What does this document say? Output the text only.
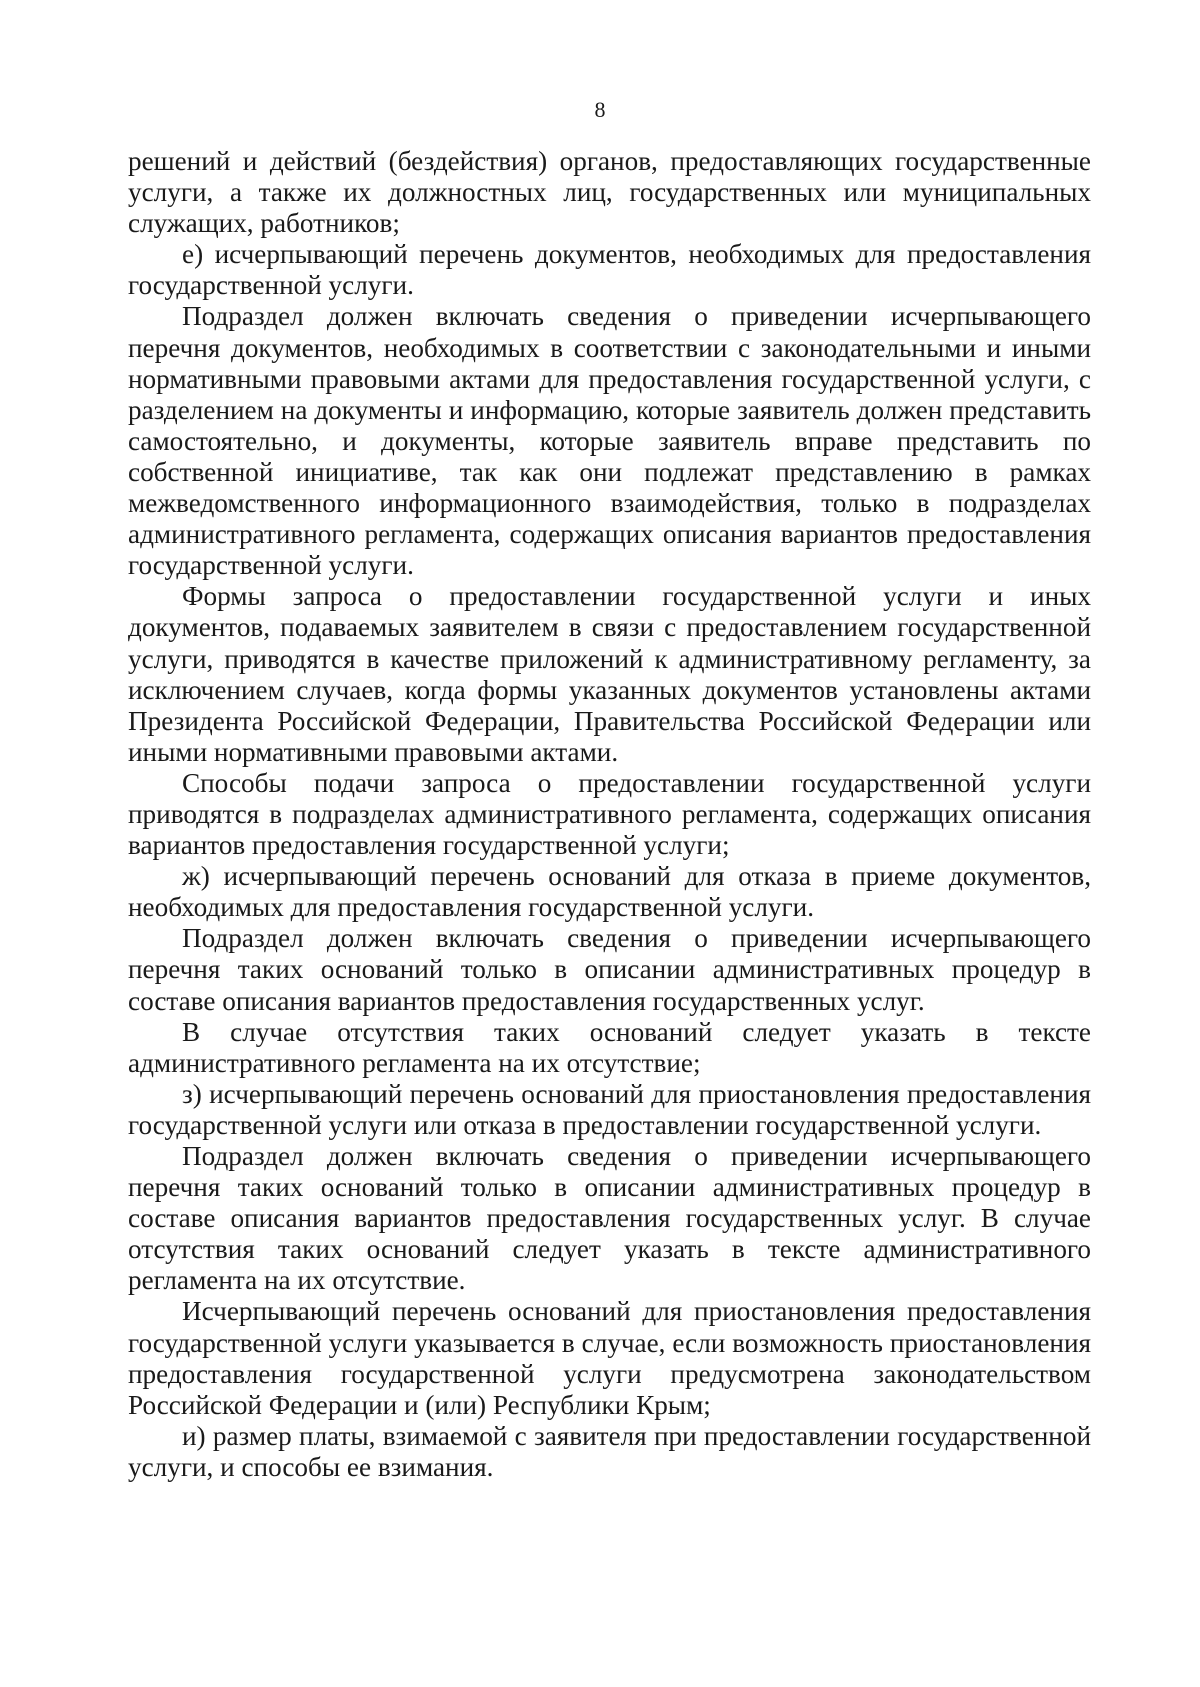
8

решений и действий (бездействия) органов, предоставляющих государственные услуги, а также их должностных лиц, государственных или муниципальных служащих, работников;

е) исчерпывающий перечень документов, необходимых для предоставления государственной услуги.

Подраздел должен включать сведения о приведении исчерпывающего перечня документов, необходимых в соответствии с законодательными и иными нормативными правовыми актами для предоставления государственной услуги, с разделением на документы и информацию, которые заявитель должен представить самостоятельно, и документы, которые заявитель вправе представить по собственной инициативе, так как они подлежат представлению в рамках межведомственного информационного взаимодействия, только в подразделах административного регламента, содержащих описания вариантов предоставления государственной услуги.

Формы запроса о предоставлении государственной услуги и иных документов, подаваемых заявителем в связи с предоставлением государственной услуги, приводятся в качестве приложений к административному регламенту, за исключением случаев, когда формы указанных документов установлены актами Президента Российской Федерации, Правительства Российской Федерации или иными нормативными правовыми актами.

Способы подачи запроса о предоставлении государственной услуги приводятся в подразделах административного регламента, содержащих описания вариантов предоставления государственной услуги;

ж) исчерпывающий перечень оснований для отказа в приеме документов, необходимых для предоставления государственной услуги.

Подраздел должен включать сведения о приведении исчерпывающего перечня таких оснований только в описании административных процедур в составе описания вариантов предоставления государственных услуг.

В случае отсутствия таких оснований следует указать в тексте административного регламента на их отсутствие;

з) исчерпывающий перечень оснований для приостановления предоставления государственной услуги или отказа в предоставлении государственной услуги.

Подраздел должен включать сведения о приведении исчерпывающего перечня таких оснований только в описании административных процедур в составе описания вариантов предоставления государственных услуг. В случае отсутствия таких оснований следует указать в тексте административного регламента на их отсутствие.

Исчерпывающий перечень оснований для приостановления предоставления государственной услуги указывается в случае, если возможность приостановления предоставления государственной услуги предусмотрена законодательством Российской Федерации и (или) Республики Крым;

и) размер платы, взимаемой с заявителя при предоставлении государственной услуги, и способы ее взимания.
